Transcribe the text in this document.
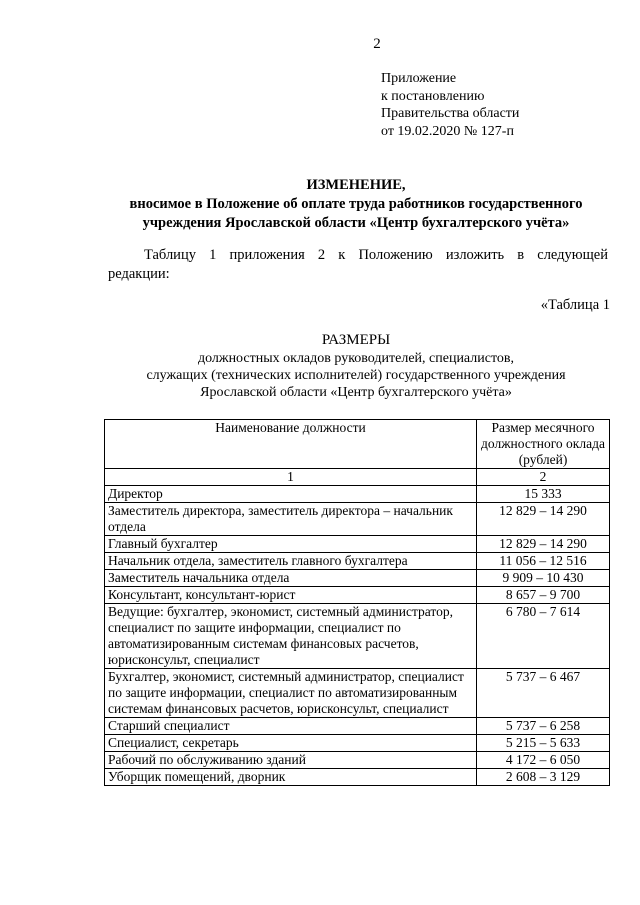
2
Приложение
к постановлению
Правительства области
от 19.02.2020 № 127-п
ИЗМЕНЕНИЕ,
вносимое в Положение об оплате труда работников государственного
учреждения Ярославской области «Центр бухгалтерского учёта»
Таблицу 1 приложения 2 к Положению изложить в следующей
редакции:
«Таблица 1
РАЗМЕРЫ
должностных окладов руководителей, специалистов,
служащих (технических исполнителей) государственного учреждения
Ярославской области «Центр бухгалтерского учёта»
Наименование должности	Размер месячного должностного оклада (рублей)
1	2
Директор	15 333
Заместитель директора, заместитель директора – начальник отдела	12 829 – 14 290
Главный бухгалтер	12 829 – 14 290
Начальник отдела, заместитель главного бухгалтера	11 056 – 12 516
Заместитель начальника отдела	9 909 – 10 430
Консультант, консультант-юрист	8 657 – 9 700
Ведущие: бухгалтер, экономист, системный администратор, специалист по защите информации, специалист по автоматизированным системам финансовых расчетов, юрисконсульт, специалист	6 780 – 7 614
Бухгалтер, экономист, системный администратор, специалист по защите информации, специалист по автоматизированным системам финансовых расчетов, юрисконсульт, специалист	5 737 – 6 467
Старший специалист	5 737 – 6 258
Специалист, секретарь	5 215 – 5 633
Рабочий по обслуживанию зданий	4 172 – 6 050
Уборщик помещений, дворник	2 608 – 3 129
